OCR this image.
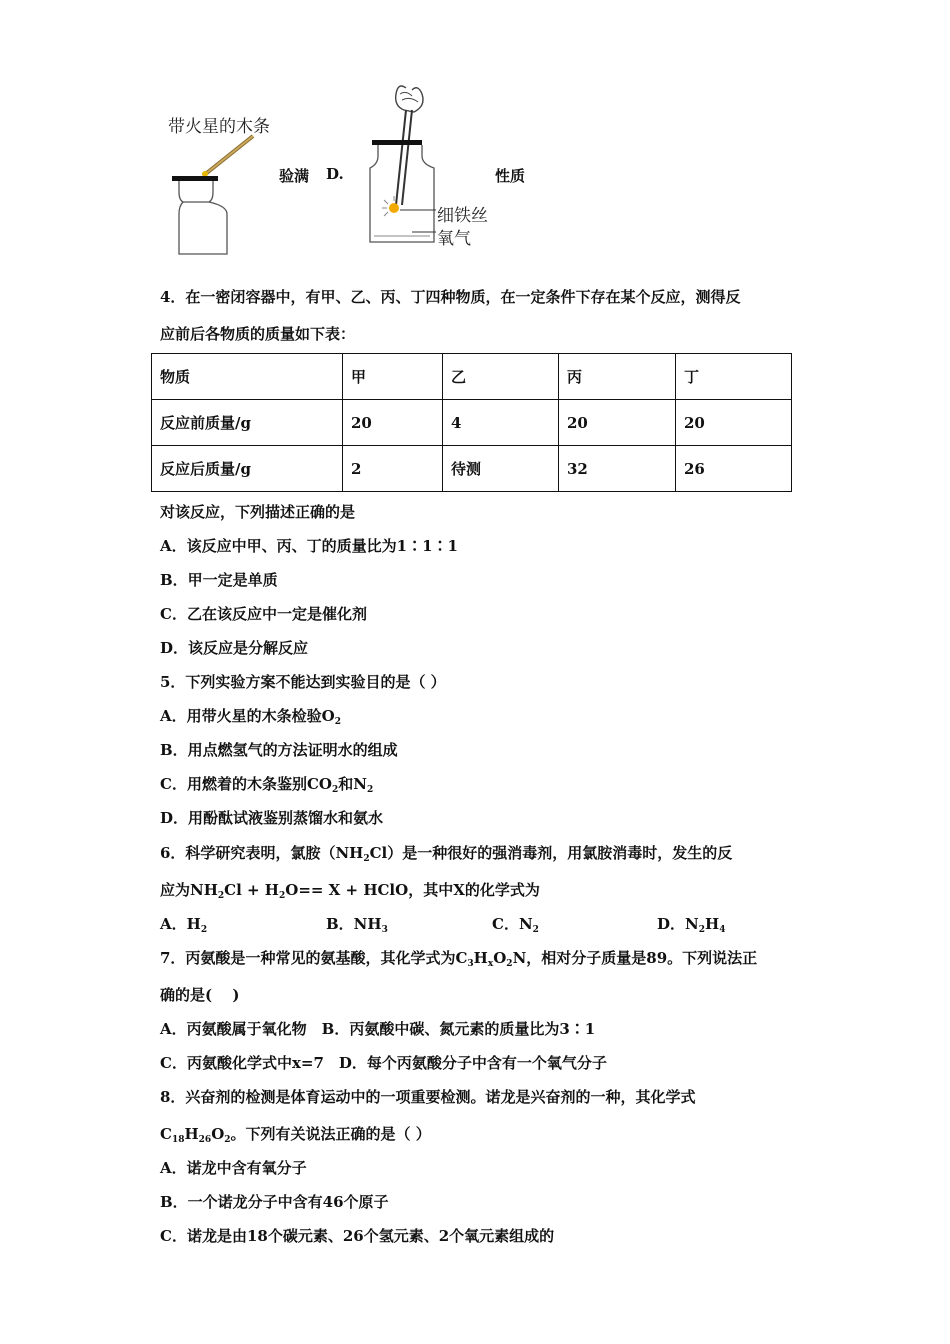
带火星的木条
验满 D.
细铁丝
氧气
性质
4．在一密闭容器中，有甲、乙、丙、丁四种物质，在一定条件下存在某个反应，测得反
应前后各物质的质量如下表：
物质	甲	乙	丙	丁
反应前质量/g	20	4	20	20
反应后质量/g	2	待测	32	26
对该反应，下列描述正确的是
A．该反应中甲、丙、丁的质量比为1∶1∶1
B．甲一定是单质
C．乙在该反应中一定是催化剂
D．该反应是分解反应
5．下列实验方案不能达到实验目的是（ ）
A．用带火星的木条检验$O_2$
B．用点燃氢气的方法证明水的组成
C．用燃着的木条鉴别$CO_2$和$N_2$
D．用酚酞试液鉴别蒸馏水和氨水
6．科学研究表明，氯胺$(NH_2Cl)$是一种很好的强消毒剂，用氯胺消毒时，发生的反
应为$NH_2Cl + H_2O== X$ + HClO，其中X的化学式为
A．$H_2$	B．$NH_3$	C．$N_2$	D．$N_2H_4$
7．丙氨酸是一种常见的氨基酸，其化学式为$C_3H_xO_2N$，相对分子质量是89。下列说法正
确的是(　 )
A．丙氨酸属于氧化物　B．丙氨酸中碳、氮元素的质量比为3∶1
C．丙氨酸化学式中x=7　D．每个丙氨酸分子中含有一个氧气分子
8．兴奋剂的检测是体育运动中的一项重要检测。诺龙是兴奋剂的一种，其化学式
$C_{18}H_{26}O_2$。下列有关说法正确的是（ ）
A．诺龙中含有氧分子
B．一个诺龙分子中含有46个原子
C．诺龙是由18个碳元素、26个氢元素、2个氧元素组成的
